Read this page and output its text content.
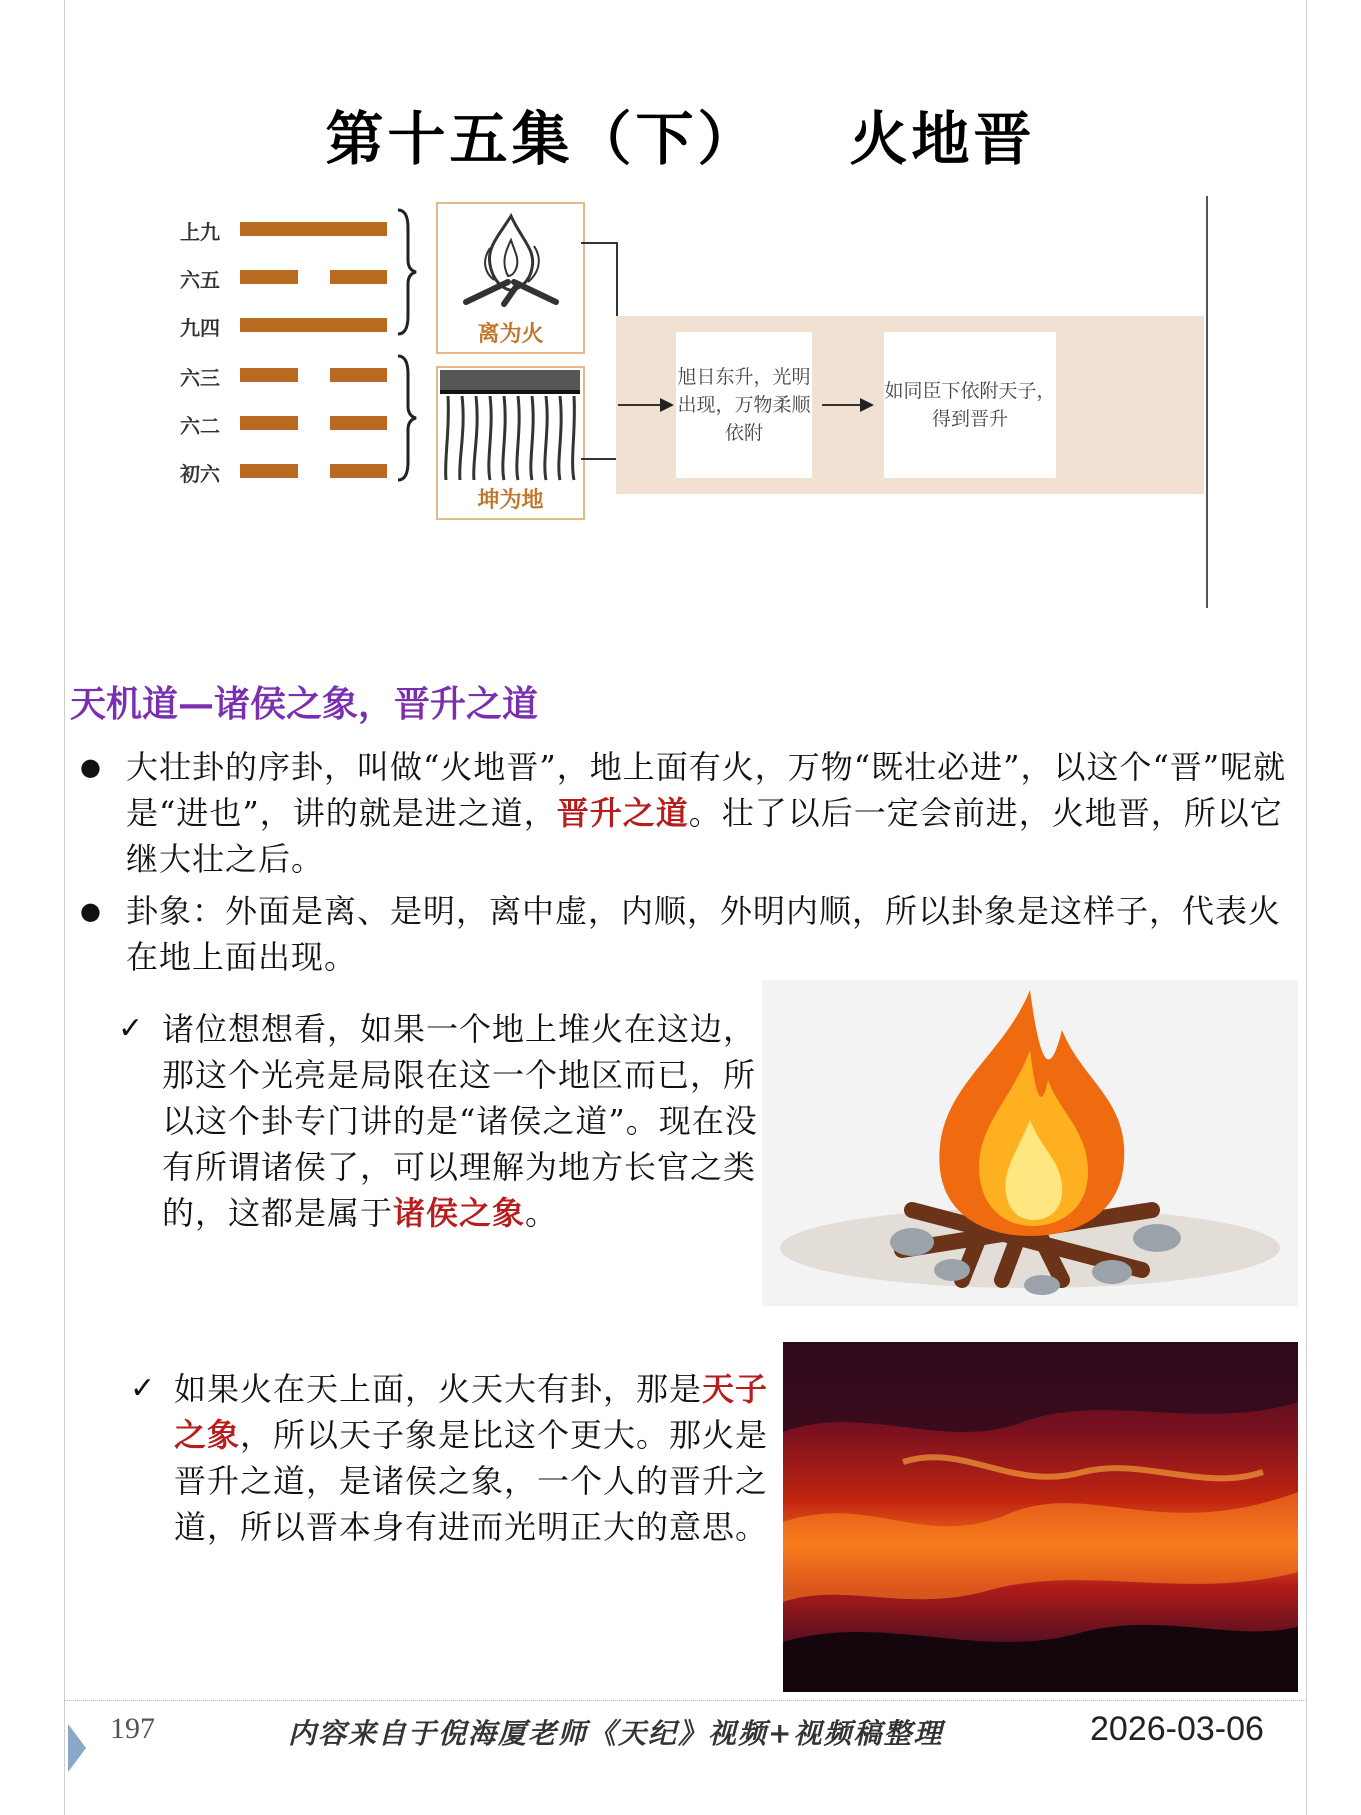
第十五集（下） 火地晋
上九
六五
九四
六三
六二
初六
离为火
坤为地
旭日东升，光明出现，万物柔顺依附
如同臣下依附天子，得到晋升
天机道—诸侯之象，晋升之道
● 大壮卦的序卦，叫做“火地晋”，地上面有火，万物“既壮必进”，以这个“晋”呢就是“进也”，讲的就是进之道，晋升之道。壮了以后一定会前进，火地晋，所以它继大壮之后。
● 卦象：外面是离、是明，离中虚，内顺，外明内顺，所以卦象是这样子，代表火在地上面出现。
✓ 诸位想想看，如果一个地上堆火在这边，那这个光亮是局限在这一个地区而已，所以这个卦专门讲的是“诸侯之道”。现在没有所谓诸侯了，可以理解为地方长官之类的，这都是属于诸侯之象。
✓ 如果火在天上面，火天大有卦，那是天子之象，所以天子象是比这个更大。那火是晋升之道，是诸侯之象，一个人的晋升之道，所以晋本身有进而光明正大的意思。
197	内容来自于倪海厦老师《天纪》视频+视频稿整理	2026-03-06
